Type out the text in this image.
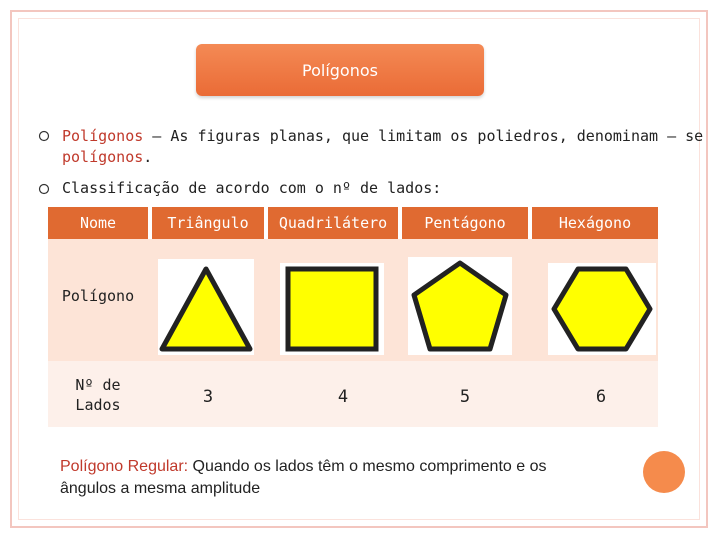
Polígonos
Polígonos – As figuras planas, que limitam os poliedros, denominam – se
polígonos.
Classificação de acordo com o nº de lados:
Nome	Triângulo	Quadrilátero	Pentágono	Hexágono
Polígono
Nº de
Lados	3	4	5	6
Polígono Regular: Quando os lados têm o mesmo comprimento e os
ângulos a mesma amplitude
